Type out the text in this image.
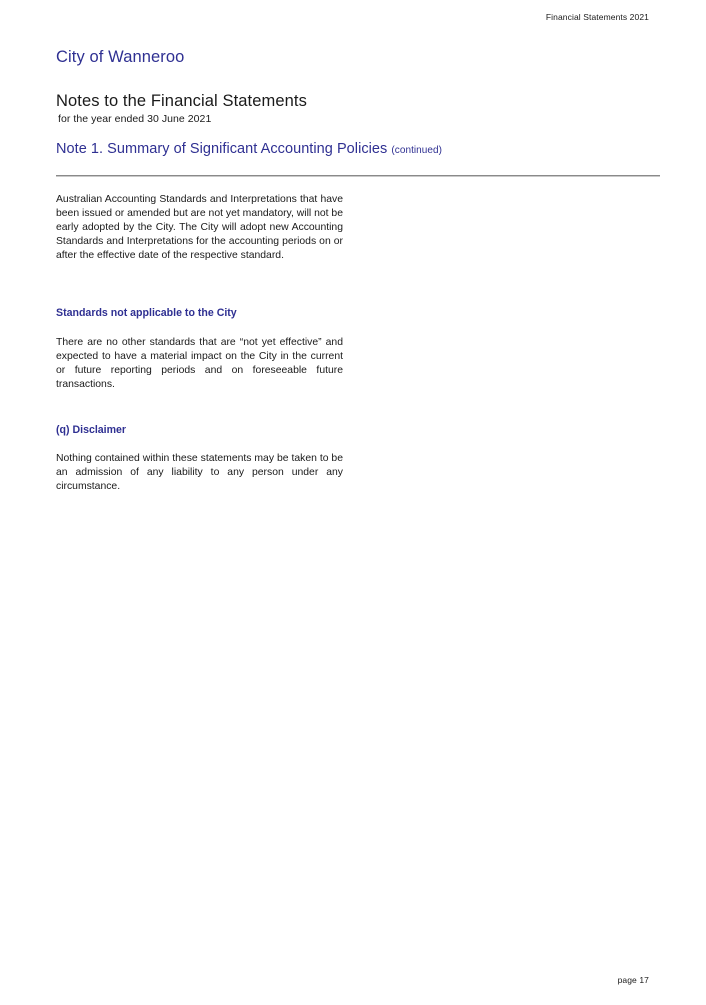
Financial Statements 2021
City of Wanneroo
Notes to the Financial Statements
for the year ended 30 June 2021
Note 1. Summary of Significant Accounting Policies (continued)

Australian Accounting Standards and Interpretations that have been issued or amended but are not yet mandatory, will not be early adopted by the City. The City will adopt new Accounting Standards and Interpretations for the accounting periods on or after the effective date of the respective standard.

Standards not applicable to the City

There are no other standards that are “not yet effective” and expected to have a material impact on the City in the current or future reporting periods and on foreseeable future transactions.

(q) Disclaimer

Nothing contained within these statements may be taken to be an admission of any liability to any person under any circumstance.

page 17
